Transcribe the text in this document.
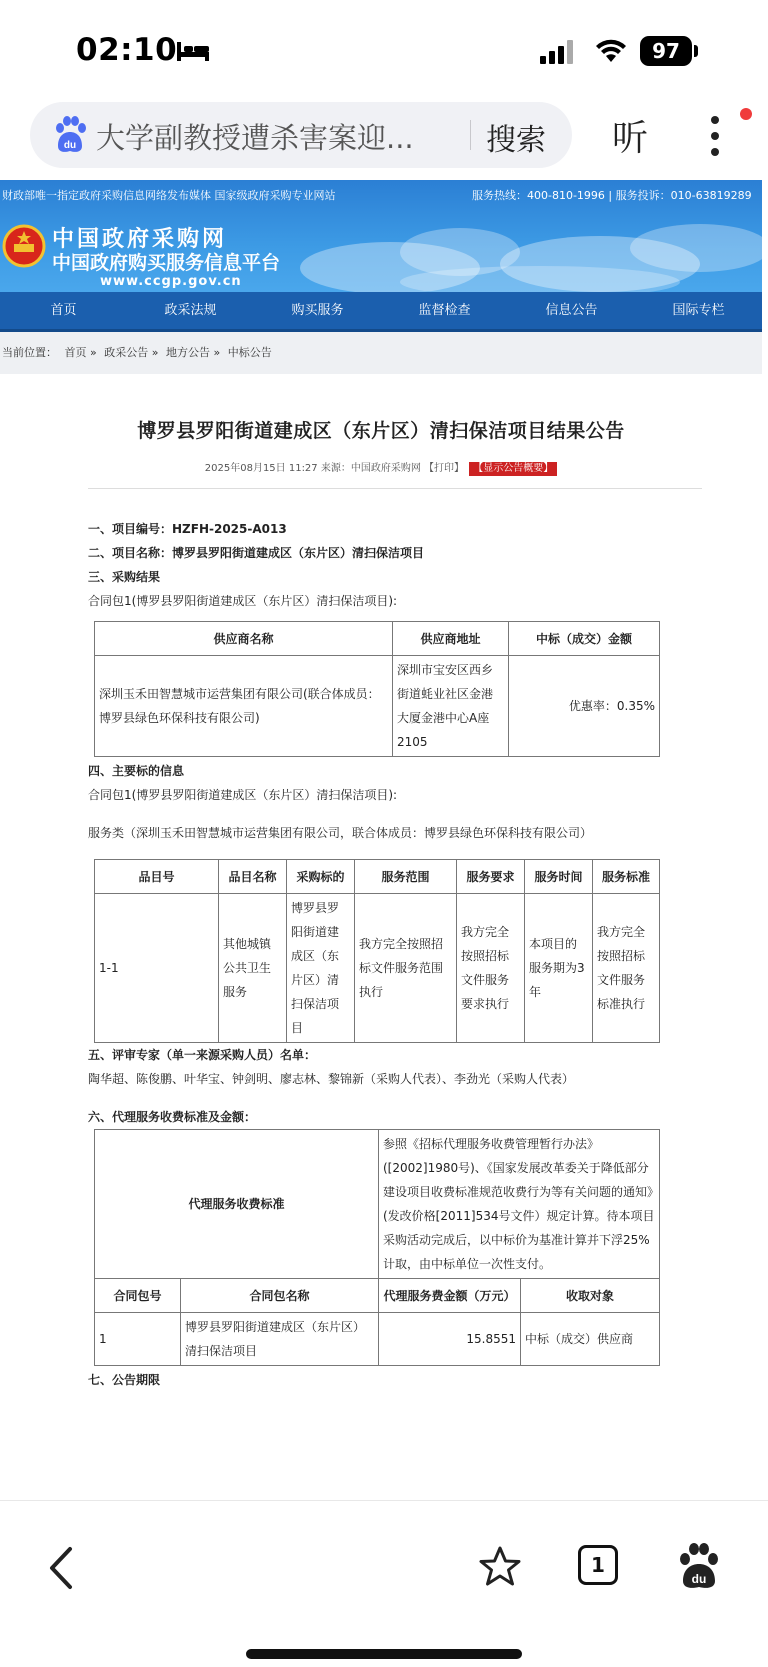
02:10	97
du 大学副教授遭杀害案迎...	搜索 听
财政部唯一指定政府采购信息网络发布媒体 国家级政府采购专业网站	服务热线：400-810-1996 | 服务投诉：010-63819289
中国政府采购网
中国政府购买服务信息平台
www.ccgp.gov.cn
首页	政采法规	购买服务	监督检查	信息公告	国际专栏
当前位置： 首页 » 政采公告 » 地方公告 » 中标公告
博罗县罗阳街道建成区（东片区）清扫保洁项目结果公告
2025年08月15日 11:27 来源：中国政府采购网 【打印】 【显示公告概要】

一、项目编号：HZFH-2025-A013

二、项目名称：博罗县罗阳街道建成区（东片区）清扫保洁项目

三、采购结果

合同包1(博罗县罗阳街道建成区（东片区）清扫保洁项目):

供应商名称	供应商地址	中标（成交）金额
深圳玉禾田智慧城市运营集团有限公司(联合体成员：博罗县绿色环保科技有限公司)	深圳市宝安区西乡街道蚝业社区金港大厦金港中心A座2105	优惠率：0.35%

四、主要标的信息

合同包1(博罗县罗阳街道建成区（东片区）清扫保洁项目):

服务类（深圳玉禾田智慧城市运营集团有限公司，联合体成员：博罗县绿色环保科技有限公司）

品目号	品目名称	采购标的	服务范围	服务要求	服务时间	服务标准
1-1	其他城镇公共卫生服务	博罗县罗阳街道建成区（东片区）清扫保洁项目	我方完全按照招标文件服务范围执行	我方完全按照招标文件服务要求执行	本项目的服务期为3年	我方完全按照招标文件服务标准执行

五、评审专家（单一来源采购人员）名单：

陶华超、陈俊鹏、叶华宝、钟剑明、廖志林、黎锦新（采购人代表）、李劲光（采购人代表）

六、代理服务收费标准及金额：

代理服务收费标准		参照《招标代理服务收费管理暂行办法》([2002]1980号)、《国家发展改革委关于降低部分建设项目收费标准规范收费行为等有关问题的通知》(发改价格[2011]534号文件）规定计算。待本项目采购活动完成后，以中标价为基准计算并下浮25%计取，由中标单位一次性支付。	
合同包号	合同包名称	代理服务费金额（万元）	收取对象
1	博罗县罗阳街道建成区（东片区）清扫保洁项目	15.8551	中标（成交）供应商

七、公告期限

1
du
